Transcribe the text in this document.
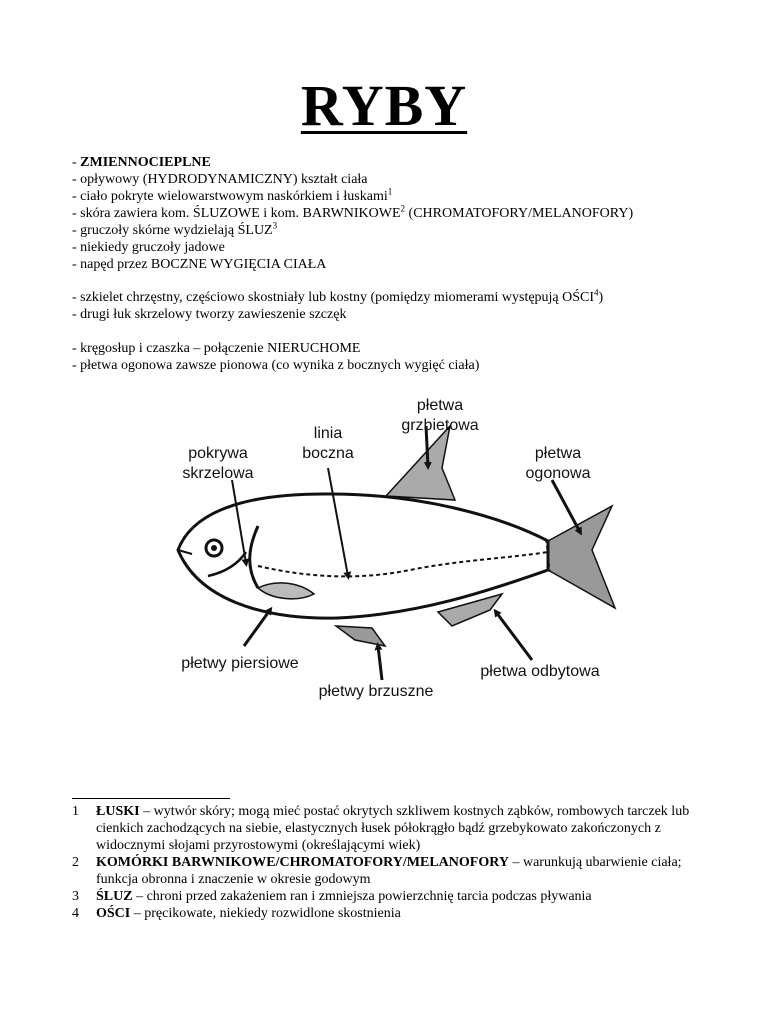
RYBY
- ZMIENNOCIEPLNE
- opływowy (HYDRODYNAMICZNY) kształt ciała
- ciało pokryte wielowarstwowym naskórkiem i łuskami$^1$
- skóra zawiera kom. ŚLUZOWE i kom. BARWNIKOWE$^2$ (CHROMATOFORY/MELANOFORY)
- gruczoły skórne wydzielają ŚLUZ$^3$
- niekiedy gruczoły jadowe
- napęd przez BOCZNE WYGIĘCIA CIAŁA
- szkielet chrzęstny, częściowo skostniały lub kostny (pomiędzy miomerami występują OŚCI$^4$)
- drugi łuk skrzelowy tworzy zawieszenie szczęk
- kręgosłup i czaszka – połączenie NIERUCHOME
- płetwa ogonowa zawsze pionowa (co wynika z bocznych wygięć ciała)
pokrywa
skrzelowa
linia
boczna
płetwa
grzbietowa
płetwa
ogonowa
płetwy piersiowe
płetwy brzuszne
płetwa odbytowa
1	ŁUSKI – wytwór skóry; mogą mieć postać okrytych szkliwem kostnych ząbków, rombowych tarczek lub cienkich zachodzących na siebie, elastycznych łusek półokrągło bądź grzebykowato zakończonych z widocznymi słojami przyrostowymi (określającymi wiek)
2	KOMÓRKI BARWNIKOWE/CHROMATOFORY/MELANOFORY – warunkują ubarwienie ciała; funkcja obronna i znaczenie w okresie godowym
3	ŚLUZ – chroni przed zakażeniem ran i zmniejsza powierzchnię tarcia podczas pływania
4	OŚCI – pręcikowate, niekiedy rozwidlone skostnienia
